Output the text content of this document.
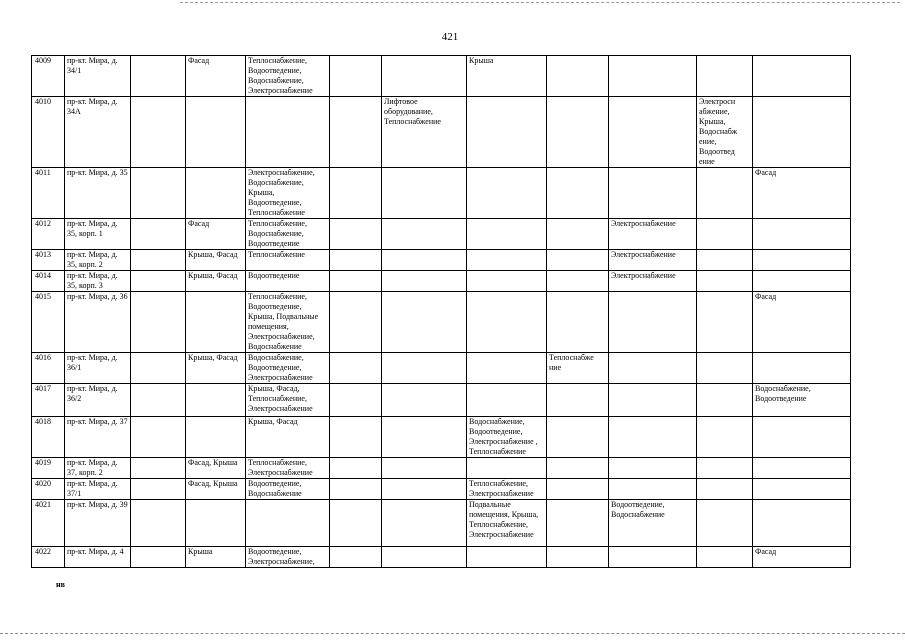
421
4009	пр-кт. Мира, д. 34/1		Фасад	Теплоснабжение, Водоотведение, Водоснабжение, Электроснабжение			Крыша				
4010	пр-кт. Мира, д. 34А					Лифтовое оборудование, Теплоснабжение				Электросн абжение, Крыша, Водоснабж ение, Водоотвед ение	
4011	пр-кт. Мира, д. 35			Электроснабжение, Водоснабжение, Крыша, Водоотведение, Теплоснабжение							Фасад
4012	пр-кт. Мира, д. 35, корп. 1		Фасад	Теплоснабжение, Водоснабжение, Водоотведение					Электроснабжение		
4013	пр-кт. Мира, д. 35, корп. 2		Крыша, Фасад	Теплоснабжение					Электроснабжение		
4014	пр-кт. Мира, д. 35, корп. 3		Крыша, Фасад	Водоотведение					Электроснабжение		
4015	пр-кт. Мира, д. 36			Теплоснабжение, Водоотведение, Крыша, Подвальные помещения, Электроснабжение, Водоснабжение							Фасад
4016	пр-кт. Мира, д. 36/1		Крыша, Фасад	Водоснабжение, Водоотведение, Электроснабжение				Теплоснабже ние			
4017	пр-кт. Мира, д. 36/2			Крыша, Фасад, Теплоснабжение, Электроснабжение							Водоснабжение, Водоотведение
4018	пр-кт. Мира, д. 37			Крыша, Фасад			Водоснабжение, Водоотведение, Электроснабжение , Теплоснабжение				
4019	пр-кт. Мира, д. 37, корп. 2		Фасад, Крыша	Теплоснабжение, Электроснабжение							
4020	пр-кт. Мира, д. 37/1		Фасад, Крыша	Водоотведение, Водоснабжение			Теплоснабжение, Электроснабжение				
4021	пр-кт. Мира, д. 39						Подвальные помещения, Крыша, Теплоснабжение, Электроснабжение		Водоотведение, Водоснабжение		
4022	пр-кт. Мира, д. 4		Крыша	Водоотведение, Электроснабжение,							Фасад
нв
